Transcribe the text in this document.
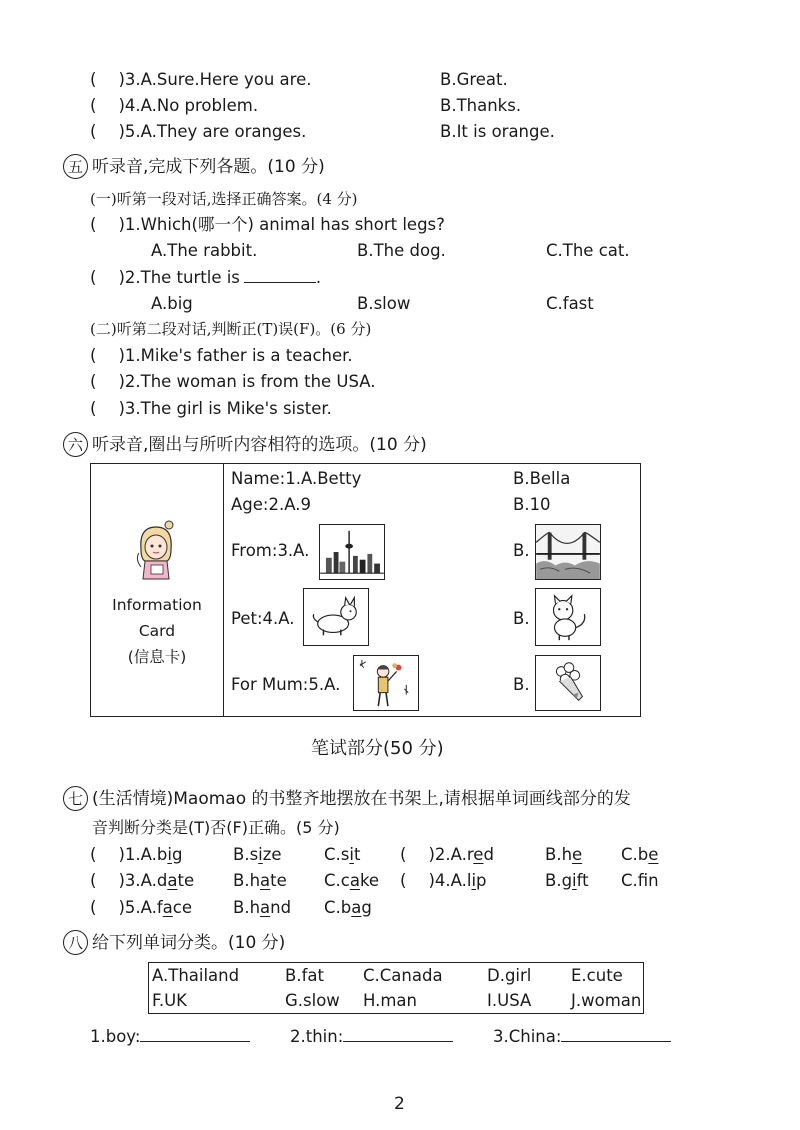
( )3.A.Sure.Here you are.	B.Great.
( )4.A.No problem.	B.Thanks.
( )5.A.They are oranges.	B.It is orange.
五 听录音,完成下列各题。(10 分)
(一)听第一段对话,选择正确答案。(4 分)
( )1.Which(哪一个) animal has short legs?
A.The rabbit.	B.The dog.	C.The cat.
( )2.The turtle is	.
A.big	B.slow	C.fast
(二)听第二段对话,判断正(T)误(F)。(6 分)
( )1.Mike's father is a teacher.
( )2.The woman is from the USA.
( )3.The girl is Mike's sister.
六 听录音,圈出与所听内容相符的选项。(10 分)
Information
Card
(信息卡)
Name:1.A.Betty	B.Bella
Age:2.A.9	B.10
From:3.A.	B.
Pet:4.A.	B.
For Mum:5.A.	B.
笔试部分(50 分)
七 (生活情境)Maomao 的书整齐地摆放在书架上,请根据单词画线部分的发
音判断分类是(T)否(F)正确。(5 分)
( )1.A.big	B.size	C.sit ( )2.A.red	B.he C.be
( )3.A.date B.hate C.cake ( )4.A.lip	B.gift C.fn
( )5.A.face B.hand C.bag
八 给下列单词分类。(10 分)
A.Thailand	B.fat C.Canada	D.girl E.cute
F.UK	G.slow H.man	I.USA J.woman
1.boy:	2.thin:	3.China:
2
